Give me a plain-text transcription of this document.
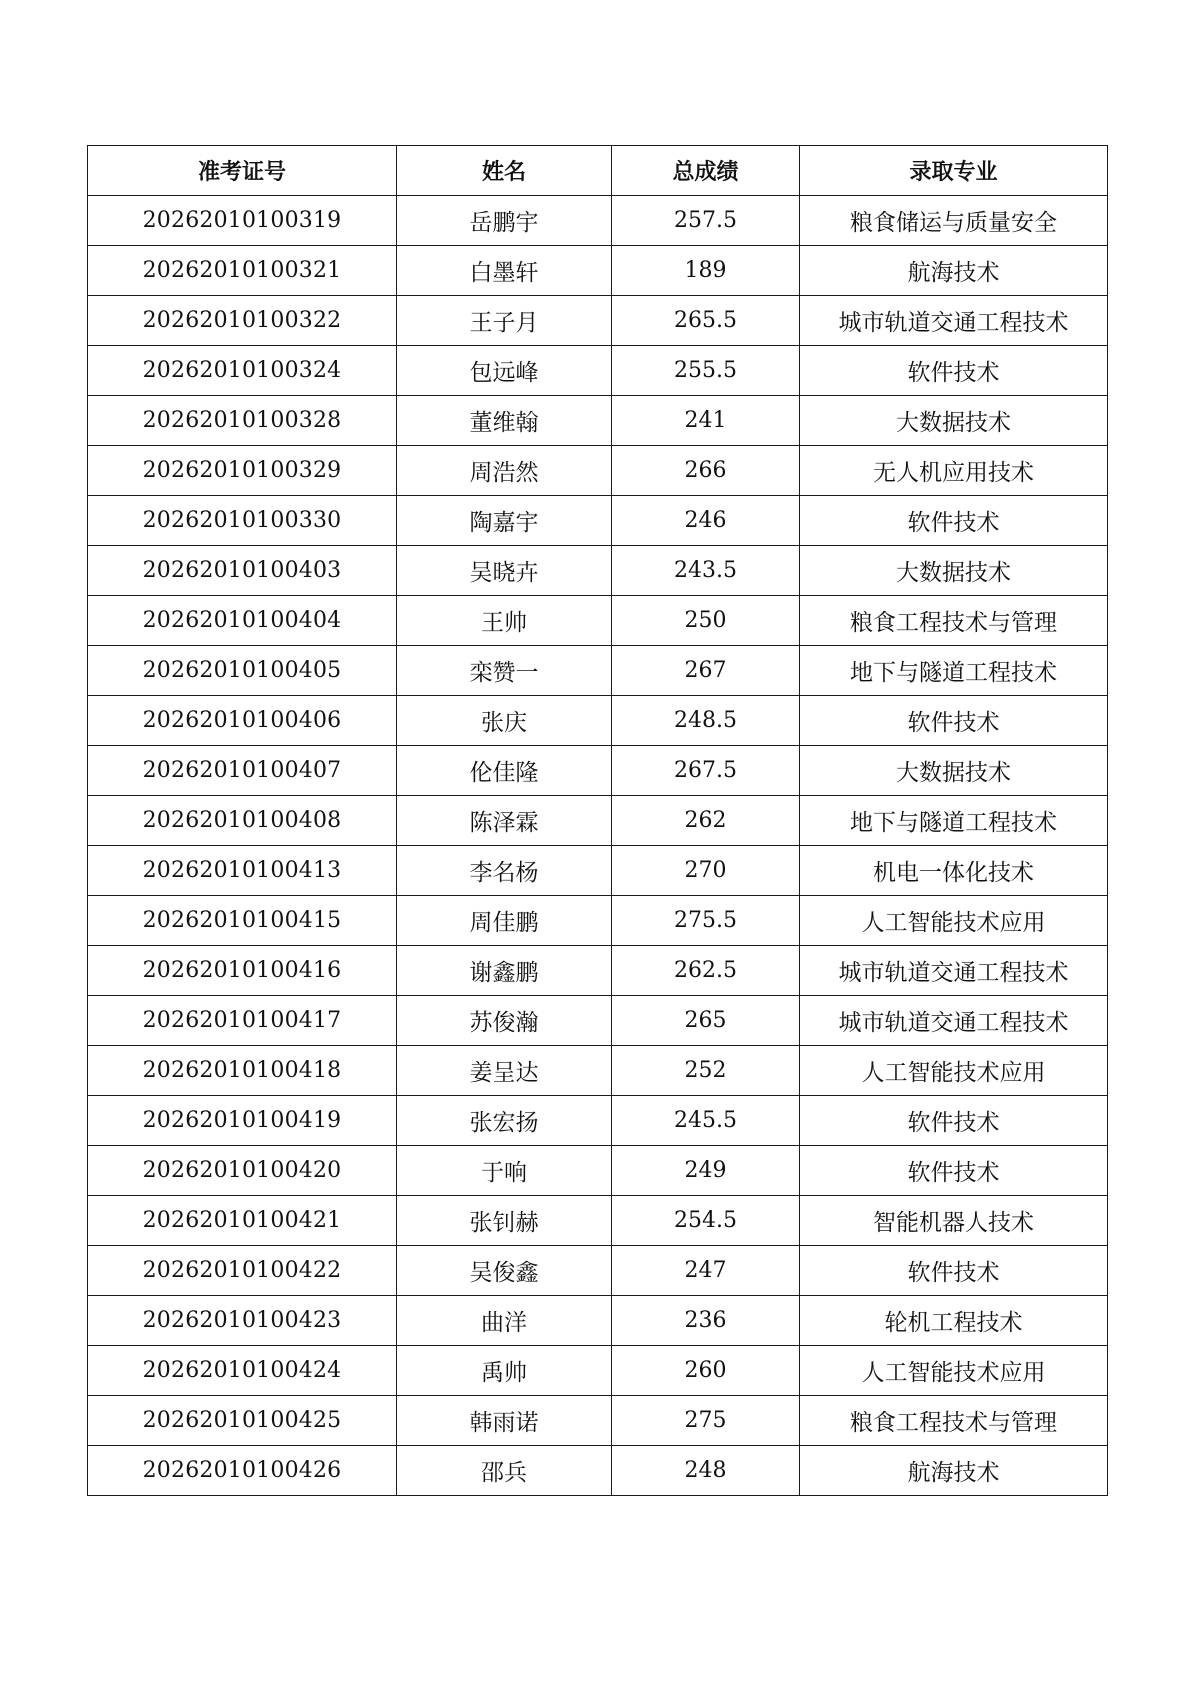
准考证号	姓名	总成绩	录取专业
20262010100319	岳鹏宇	257.5	粮食储运与质量安全
20262010100321	白墨轩	189	航海技术
20262010100322	王子月	265.5	城市轨道交通工程技术
20262010100324	包远峰	255.5	软件技术
20262010100328	董维翰	241	大数据技术
20262010100329	周浩然	266	无人机应用技术
20262010100330	陶嘉宇	246	软件技术
20262010100403	吴晓卉	243.5	大数据技术
20262010100404	王帅	250	粮食工程技术与管理
20262010100405	栾赞一	267	地下与隧道工程技术
20262010100406	张庆	248.5	软件技术
20262010100407	伦佳隆	267.5	大数据技术
20262010100408	陈泽霖	262	地下与隧道工程技术
20262010100413	李名杨	270	机电一体化技术
20262010100415	周佳鹏	275.5	人工智能技术应用
20262010100416	谢鑫鹏	262.5	城市轨道交通工程技术
20262010100417	苏俊瀚	265	城市轨道交通工程技术
20262010100418	姜呈达	252	人工智能技术应用
20262010100419	张宏扬	245.5	软件技术
20262010100420	于响	249	软件技术
20262010100421	张钊赫	254.5	智能机器人技术
20262010100422	吴俊鑫	247	软件技术
20262010100423	曲洋	236	轮机工程技术
20262010100424	禹帅	260	人工智能技术应用
20262010100425	韩雨诺	275	粮食工程技术与管理
20262010100426	邵兵	248	航海技术
